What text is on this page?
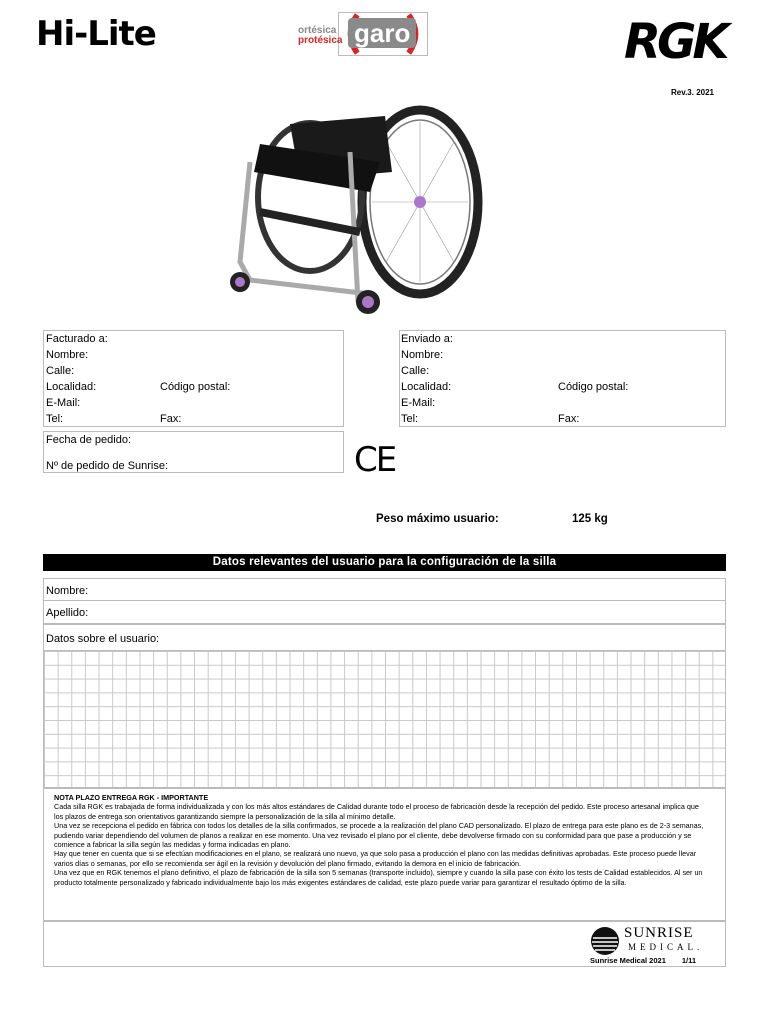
Hi-Lite	ortésica
protésica garo	RGK
Rev.3. 2021
Facturado a:
Nombre:
Calle:
Localidad:	Código postal:
E-Mail:
Tel:	Fax:
Enviado a:
Nombre:
Calle:
Localidad:	Código postal:
E-Mail:
Tel:	Fax:
Fecha de pedido:
Nº de pedido de Sunrise:	CE
Peso máximo usuario:	125 kg
Datos relevantes del usuario para la configuración de la silla
Nombre:
Apellido:
Datos sobre el usuario:
NOTA PLAZO ENTREGA RGK - IMPORTANTE
Cada silla RGK es trabajada de forma individualizada y con los más altos estándares de Calidad durante todo el proceso de fabricación desde la recepción del pedido. Este proceso artesanal implica que los plazos de entrega son orientativos garantizando siempre la personalización de la silla al mínimo detalle.
Una vez se recepciona el pedido en fábrica con todos los detalles de la silla confirmados, se procede a la realización del plano CAD personalizado. El plazo de entrega para este plano es de 2-3 semanas, pudiendo variar dependiendo del volumen de planos a realizar en ese momento. Una vez revisado el plano por el cliente, debe devolverse firmado con su conformidad para que pase a producción y se comience a fabricar la silla según las medidas y forma indicadas en plano.
Hay que tener en cuenta que si se efectúan modificaciones en el plano, se realizará uno nuevo, ya que solo pasa a producción el plano con las medidas definitivas aprobadas. Este proceso puede llevar varios días o semanas, por ello se recomienda ser ágil en la revisión y devolución del plano firmado, evitando la demora en el inicio de fabricación.
Una vez que en RGK tenemos el plano definitivo, el plazo de fabricación de la silla son 5 semanas (transporte incluido), siempre y cuando la silla pase con éxito los tests de Calidad establecidos. Al ser un producto totalmente personalizado y fabricado individualmente bajo los más exigentes estándares de calidad, este plazo puede variar para garantizar el resultado óptimo de la silla.
SUNRISE
MEDICAL.
Sunrise Medical 2021 1/11
